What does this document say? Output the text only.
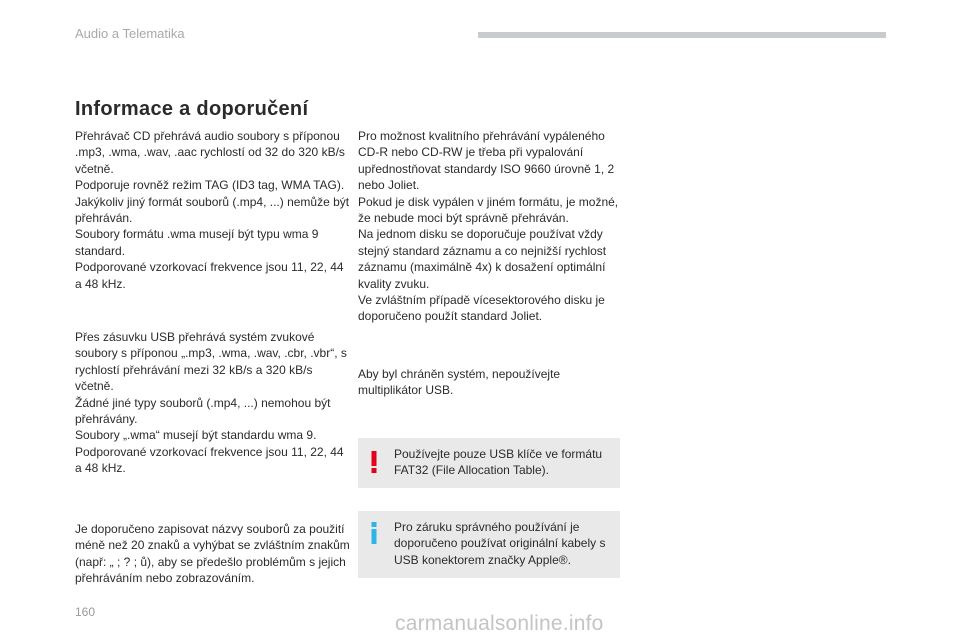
Audio a Telematika
Informace a doporučení

Přehrávač CD přehrává audio soubory s příponou .mp3, .wma, .wav, .aac rychlostí od 32 do 320 kB/s včetně.
Podporuje rovněž režim TAG (ID3 tag, WMA TAG).
Jakýkoliv jiný formát souborů (.mp4, ...) nemůže být přehráván.
Soubory formátu .wma musejí být typu wma 9 standard.
Podporované vzorkovací frekvence jsou 11, 22, 44 a 48 kHz.

Přes zásuvku USB přehrává systém zvukové soubory s příponou „.mp3, .wma, .wav, .cbr, .vbr“, s rychlostí přehrávání mezi 32 kB/s a 320 kB/s včetně.
Žádné jiné typy souborů (.mp4, ...) nemohou být přehrávány.
Soubory „.wma“ musejí být standardu wma 9.
Podporované vzorkovací frekvence jsou 11, 22, 44 a 48 kHz.

Je doporučeno zapisovat názvy souborů za použití méně než 20 znaků a vyhýbat se zvláštním znakům (např: „ ; ? ; ů), aby se předešlo problémům s jejich přehráváním nebo zobrazováním.

Pro možnost kvalitního přehrávání vypáleného CD-R nebo CD-RW je třeba při vypalování upřednostňovat standardy ISO 9660 úrovně 1, 2 nebo Joliet.
Pokud je disk vypálen v jiném formátu, je možné, že nebude moci být správně přehráván.
Na jednom disku se doporučuje používat vždy stejný standard záznamu a co nejnižší rychlost záznamu (maximálně 4x) k dosažení optimální kvality zvuku.
Ve zvláštním případě vícesektorového disku je doporučeno použít standard Joliet.

Aby byl chráněn systém, nepoužívejte multiplikátor USB.

Používejte pouze USB klíče ve formátu FAT32 (File Allocation Table).
Pro záruku správného používání je doporučeno používat originální kabely s USB konektorem značky Apple®.
160	carmanualsonline.info
